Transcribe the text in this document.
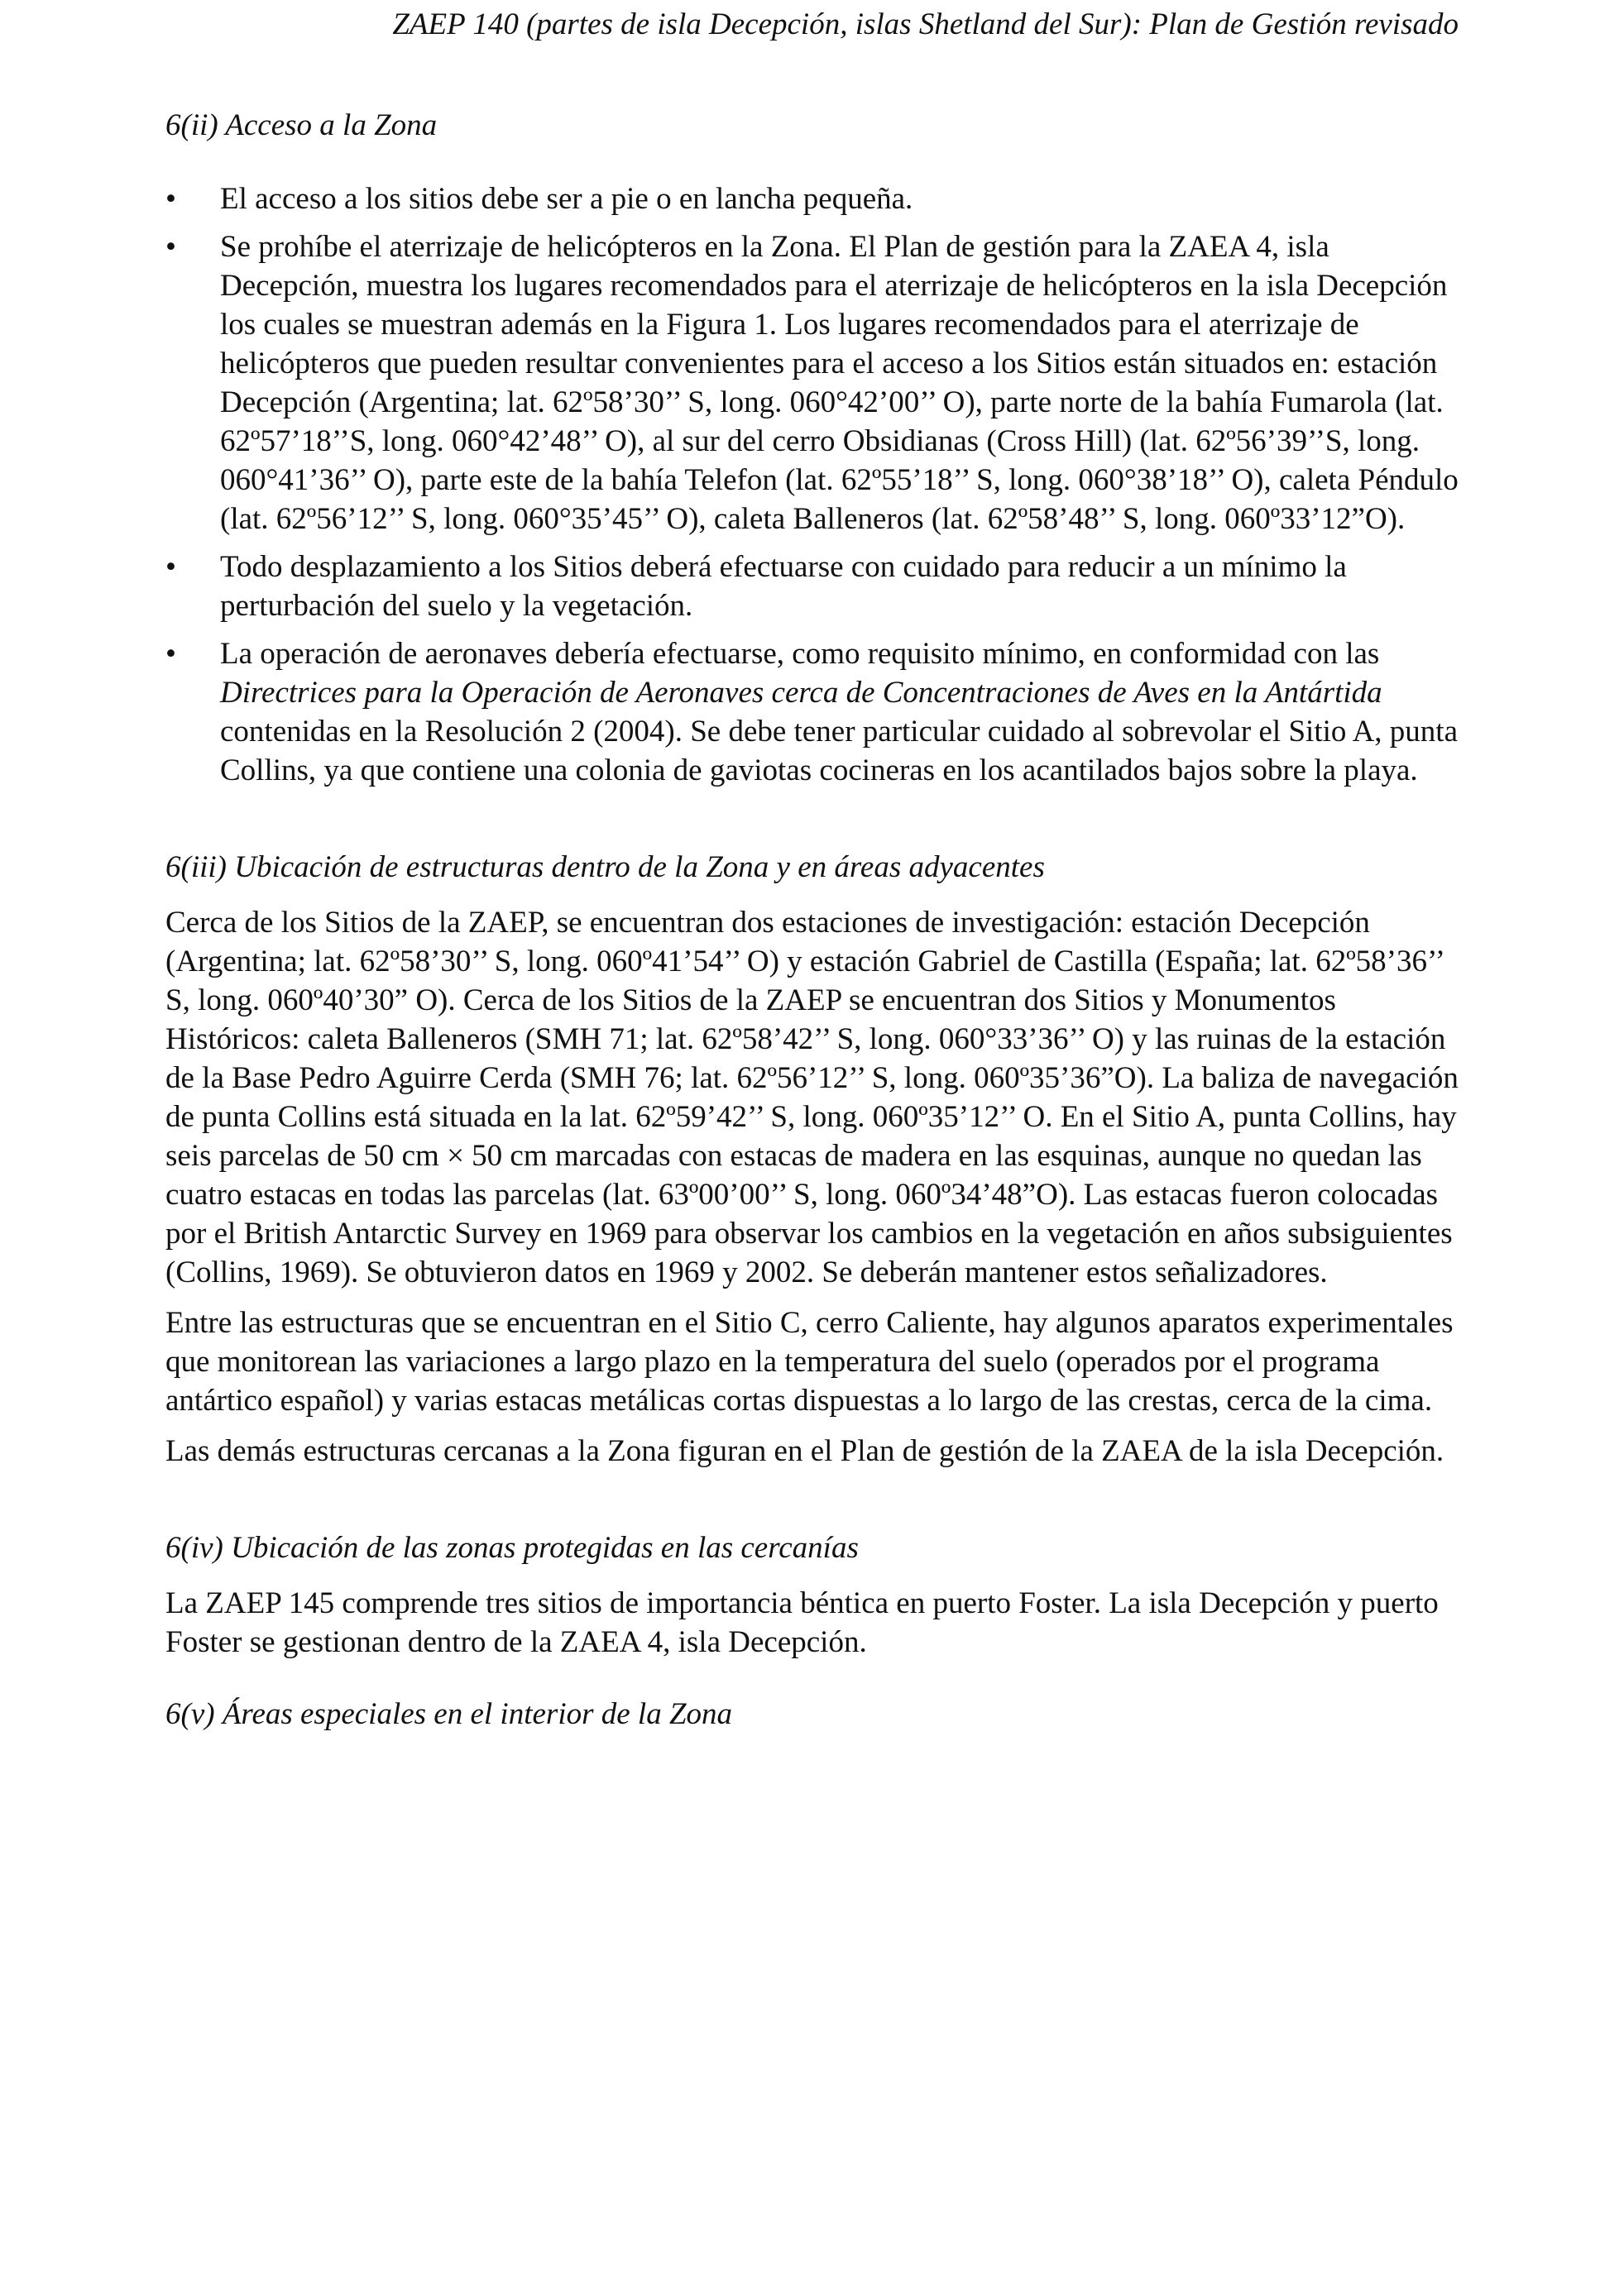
ZAEP 140 (partes de isla Decepción, islas Shetland del Sur): Plan de Gestión revisado

6(ii) Acceso a la Zona

• El acceso a los sitios debe ser a pie o en lancha pequeña.
• Se prohíbe el aterrizaje de helicópteros en la Zona. El Plan de gestión para la ZAEA 4, isla Decepción, muestra los lugares recomendados para el aterrizaje de helicópteros en la isla Decepción los cuales se muestran además en la Figura 1. Los lugares recomendados para el aterrizaje de helicópteros que pueden resultar convenientes para el acceso a los Sitios están situados en: estación Decepción (Argentina; lat. 62º58’30’’ S, long. 060°42’00’’ O), parte norte de la bahía Fumarola (lat. 62º57’18’’S, long. 060°42’48’’ O), al sur del cerro Obsidianas (Cross Hill) (lat. 62º56’39’’S, long. 060°41’36’’ O), parte este de la bahía Telefon (lat. 62º55’18’’ S, long. 060°38’18’’ O), caleta Péndulo (lat. 62º56’12’’ S, long. 060°35’45’’ O), caleta Balleneros (lat. 62º58’48’’ S, long. 060º33’12”O).
• Todo desplazamiento a los Sitios deberá efectuarse con cuidado para reducir a un mínimo la perturbación del suelo y la vegetación.
• La operación de aeronaves debería efectuarse, como requisito mínimo, en conformidad con las Directrices para la Operación de Aeronaves cerca de Concentraciones de Aves en la Antártida contenidas en la Resolución 2 (2004). Se debe tener particular cuidado al sobrevolar el Sitio A, punta Collins, ya que contiene una colonia de gaviotas cocineras en los acantilados bajos sobre la playa.

6(iii) Ubicación de estructuras dentro de la Zona y en áreas adyacentes

Cerca de los Sitios de la ZAEP, se encuentran dos estaciones de investigación: estación Decepción (Argentina; lat. 62º58’30’’ S, long. 060º41’54’’ O) y estación Gabriel de Castilla (España; lat. 62º58’36’’ S, long. 060º40’30” O). Cerca de los Sitios de la ZAEP se encuentran dos Sitios y Monumentos Históricos: caleta Balleneros (SMH 71; lat. 62º58’42’’ S, long. 060°33’36’’ O) y las ruinas de la estación de la Base Pedro Aguirre Cerda (SMH 76; lat. 62º56’12’’ S, long. 060º35’36”O). La baliza de navegación de punta Collins está situada en la lat. 62º59’42’’ S, long. 060º35’12’’ O. En el Sitio A, punta Collins, hay seis parcelas de 50 cm × 50 cm marcadas con estacas de madera en las esquinas, aunque no quedan las cuatro estacas en todas las parcelas (lat. 63º00’00’’ S, long. 060º34’48”O). Las estacas fueron colocadas por el British Antarctic Survey en 1969 para observar los cambios en la vegetación en años subsiguientes (Collins, 1969). Se obtuvieron datos en 1969 y 2002. Se deberán mantener estos señalizadores.

Entre las estructuras que se encuentran en el Sitio C, cerro Caliente, hay algunos aparatos experimentales que monitorean las variaciones a largo plazo en la temperatura del suelo (operados por el programa antártico español) y varias estacas metálicas cortas dispuestas a lo largo de las crestas, cerca de la cima.

Las demás estructuras cercanas a la Zona figuran en el Plan de gestión de la ZAEA de la isla Decepción.

6(iv) Ubicación de las zonas protegidas en las cercanías

La ZAEP 145 comprende tres sitios de importancia béntica en puerto Foster. La isla Decepción y puerto Foster se gestionan dentro de la ZAEA 4, isla Decepción.

6(v) Áreas especiales en el interior de la Zona
